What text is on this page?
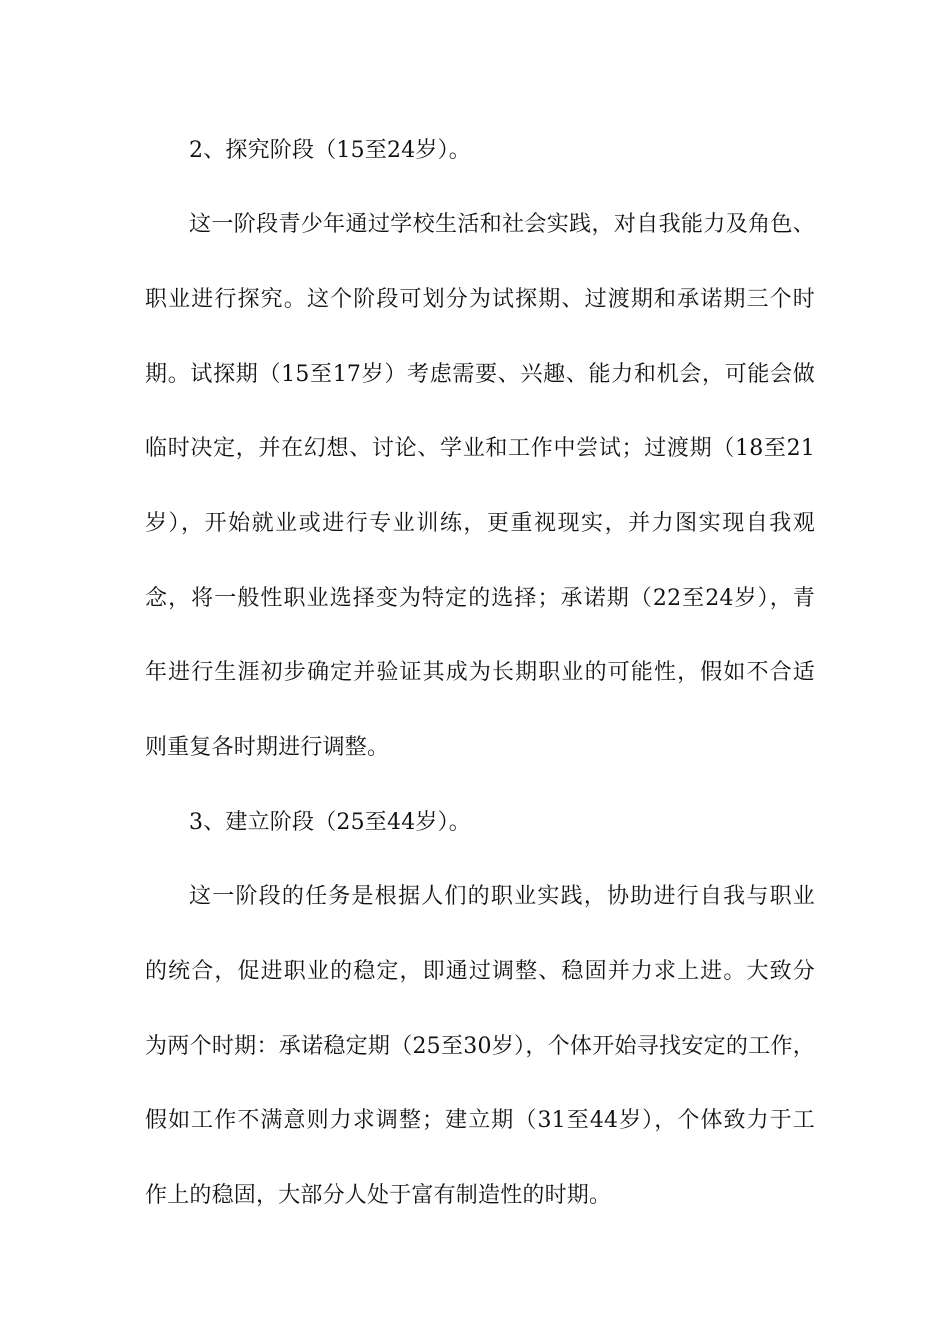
2、探究阶段（15至24岁）。
这一阶段青少年通过学校生活和社会实践，对自我能力及角色、
职业进行探究。这个阶段可划分为试探期、过渡期和承诺期三个时
期。试探期（15至17岁）考虑需要、兴趣、能力和机会，可能会做
临时决定，并在幻想、讨论、学业和工作中尝试；过渡期（18至21
岁），开始就业或进行专业训练，更重视现实，并力图实现自我观
念，将一般性职业选择变为特定的选择；承诺期（22至24岁），青
年进行生涯初步确定并验证其成为长期职业的可能性，假如不合适
则重复各时期进行调整。
3、建立阶段（25至44岁）。
这一阶段的任务是根据人们的职业实践，协助进行自我与职业
的统合，促进职业的稳定，即通过调整、稳固并力求上进。大致分
为两个时期：承诺稳定期（25至30岁），个体开始寻找安定的工作，
假如工作不满意则力求调整；建立期（31至44岁），个体致力于工
作上的稳固，大部分人处于富有制造性的时期。
